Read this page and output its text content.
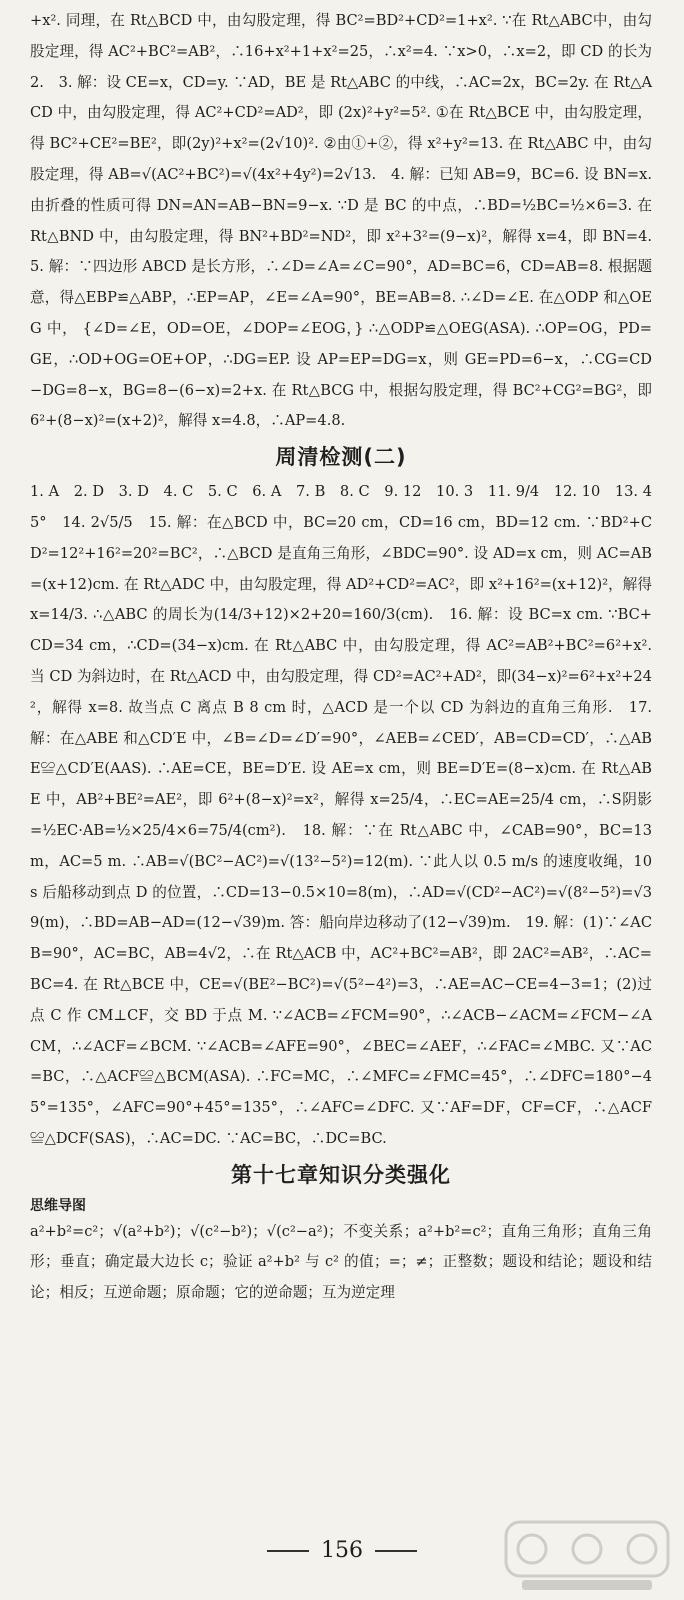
+x². 同理，在 Rt△BCD 中，由勾股定理，得 BC²=BD²+CD²=1+x². ∵在 Rt△ABC中，由勾股定理，得 AC²+BC²=AB²，∴16+x²+1+x²=25，∴x²=4. ∵x>0，∴x=2，即 CD 的长为 2.　3. 解：设 CE=x，CD=y. ∵AD，BE 是 Rt△ABC 的中线，∴AC=2x，BC=2y. 在 Rt△ACD 中，由勾股定理，得 AC²+CD²=AD²，即 (2x)²+y²=5². ①在 Rt△BCE 中，由勾股定理，得 BC²+CE²=BE²，即(2y)²+x²=(2√10)². ②由①+②，得 x²+y²=13. 在 Rt△ABC 中，由勾股定理，得 AB=√(AC²+BC²)=√(4x²+4y²)=2√13.　4. 解：已知 AB=9，BC=6. 设 BN=x. 由折叠的性质可得 DN=AN=AB−BN=9−x. ∵D 是 BC 的中点，∴BD=½BC=½×6=3. 在 Rt△BND 中，由勾股定理，得 BN²+BD²=ND²，即 x²+3²=(9−x)²，解得 x=4，即 BN=4.　5. 解：∵四边形 ABCD 是长方形，∴∠D=∠A=∠C=90°，AD=BC=6，CD=AB=8. 根据题意，得△EBP≌△ABP，∴EP=AP，∠E=∠A=90°，BE=AB=8. ∴∠D=∠E. 在△ODP 和△OEG 中， {∠D=∠E，OD=OE，∠DOP=∠EOG，} ∴△ODP≌△OEG(ASA). ∴OP=OG，PD=GE，∴OD+OG=OE+OP，∴DG=EP. 设 AP=EP=DG=x，则 GE=PD=6−x，∴CG=CD−DG=8−x，BG=8−(6−x)=2+x. 在 Rt△BCG 中，根据勾股定理，得 BC²+CG²=BG²，即 6²+(8−x)²=(x+2)²，解得 x=4.8，∴AP=4.8.

周清检测(二)

1. A　2. D　3. D　4. C　5. C　6. A　7. B　8. C　9. 12　10. 3　11. 9/4　12. 10　13. 45°　14. 2√5/5　15. 解：在△BCD 中，BC=20 cm，CD=16 cm，BD=12 cm. ∵BD²+CD²=12²+16²=20²=BC²，∴△BCD 是直角三角形，∠BDC=90°. 设 AD=x cm，则 AC=AB=(x+12)cm. 在 Rt△ADC 中，由勾股定理，得 AD²+CD²=AC²，即 x²+16²=(x+12)²，解得 x=14/3. ∴△ABC 的周长为(14/3+12)×2+20=160/3(cm).　16. 解：设 BC=x cm. ∵BC+CD=34 cm，∴CD=(34−x)cm. 在 Rt△ABC 中，由勾股定理，得 AC²=AB²+BC²=6²+x². 当 CD 为斜边时，在 Rt△ACD 中，由勾股定理，得 CD²=AC²+AD²，即(34−x)²=6²+x²+24²，解得 x=8. 故当点 C 离点 B 8 cm 时，△ACD 是一个以 CD 为斜边的直角三角形.　17. 解：在△ABE 和△CD′E 中，∠B=∠D=∠D′=90°，∠AEB=∠CED′，AB=CD=CD′，∴△ABE≌△CD′E(AAS). ∴AE=CE，BE=D′E. 设 AE=x cm，则 BE=D′E=(8−x)cm. 在 Rt△ABE 中，AB²+BE²=AE²，即 6²+(8−x)²=x²，解得 x=25/4，∴EC=AE=25/4 cm，∴S阴影=½EC·AB=½×25/4×6=75/4(cm²).　18. 解：∵在 Rt△ABC 中，∠CAB=90°，BC=13 m，AC=5 m. ∴AB=√(BC²−AC²)=√(13²−5²)=12(m). ∵此人以 0.5 m/s 的速度收绳，10 s 后船移动到点 D 的位置，∴CD=13−0.5×10=8(m)，∴AD=√(CD²−AC²)=√(8²−5²)=√39(m)，∴BD=AB−AD=(12−√39)m. 答：船向岸边移动了(12−√39)m.　19. 解：(1)∵∠ACB=90°，AC=BC，AB=4√2，∴在 Rt△ACB 中，AC²+BC²=AB²，即 2AC²=AB²，∴AC=BC=4. 在 Rt△BCE 中，CE=√(BE²−BC²)=√(5²−4²)=3，∴AE=AC−CE=4−3=1；(2)过点 C 作 CM⊥CF，交 BD 于点 M. ∵∠ACB=∠FCM=90°，∴∠ACB−∠ACM=∠FCM−∠ACM，∴∠ACF=∠BCM. ∵∠ACB=∠AFE=90°，∠BEC=∠AEF，∴∠FAC=∠MBC. 又∵AC=BC，∴△ACF≌△BCM(ASA). ∴FC=MC，∴∠MFC=∠FMC=45°，∴∠DFC=180°−45°=135°，∠AFC=90°+45°=135°，∴∠AFC=∠DFC. 又∵AF=DF，CF=CF，∴△ACF≌△DCF(SAS)，∴AC=DC. ∵AC=BC，∴DC=BC.

第十七章知识分类强化
思维导图

a²+b²=c²；√(a²+b²)；√(c²−b²)；√(c²−a²)；不变关系；a²+b²=c²；直角三角形；直角三角形；垂直；确定最大边长 c；验证 a²+b² 与 c² 的值；=；≠；正整数；题设和结论；题设和结论；相反；互逆命题；原命题；它的逆命题；互为逆定理

156
